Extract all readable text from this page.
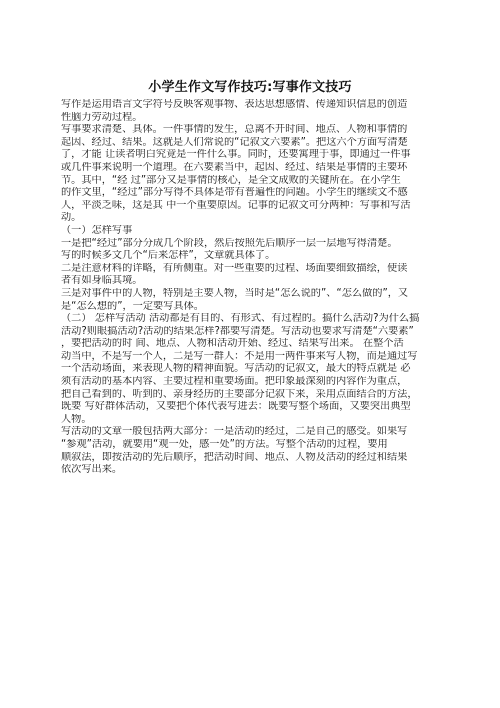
小学生作文写作技巧:写事作文技巧
写作是运用语言文字符号反映客观事物、表达思想感情、传递知识信息的创造
性脑力劳动过程。
写事要求清楚、具体。一件事情的发生，总离不开时间、地点、人物和事情的
起因、经过、结果。这就是人们常说的“记叙文六要素”。把这六个方面写清楚
了，才能 让读者明白究竟是一件什么事。同时，还要寓理于事，即通过一件事
或几件事来说明一个道理。在六要素当中，起因、经过、结果是事情的主要环
节。其中，“经 过”部分又是事情的核心，是全文成败的关键所在。在小学生
的作文里，“经过”部分写得不具体是带有普遍性的问题。小学生的继续文不感
人，平淡乏味，这是其 中一个重要原因。记事的记叙文可分两种：写事和写活
动。
（一）怎样写事
一是把“经过”部分分成几个阶段，然后按照先后顺序一层一层地写得清楚。
写的时候多文几个“后来怎样”，文章就具体了。
二是注意材料的详略，有所侧重。对一些重要的过程、场面要细致描绘，使读
者有如身临其境。
三是对事件中的人物，特别是主要人物，当时是“怎么说的”、“怎么做的”，又
是“怎么想的”，一定要写具体。
（二） 怎样写活动 活动都是有目的、有形式、有过程的。搞什么活动?为什么搞
活动?则眼搞活动?活动的结果怎样?都要写清楚。写活动也要求写清楚“六要素”
，要把活动的时 间、地点、人物和活动开始、经过、结果写出来。 在整个活
动当中，不是写一个人，二是写一群人：不是用一两件事来写人物，而是通过写
一个活动场面，来表现人物的精神面貌。写活动的记叙文，最大的特点就是 必
须有活动的基本内容、主要过程和重要场面。把印象最深刻的内容作为重点，
把自己看到的、听到的、亲身经历的主要部分记叙下来，采用点面结合的方法，
既要 写好群体活动，又要把个体代表写进去：既要写整个场面，又要突出典型
人物。
写活动的文章一般包括两大部分：一是活动的经过，二是自己的感受。如果写
“参观”活动，就要用“观一处，感一处”的方法。写整个活动的过程，要用
顺叙法，即按活动的先后顺序，把活动时间、地点、人物及活动的经过和结果
依次写出来。
